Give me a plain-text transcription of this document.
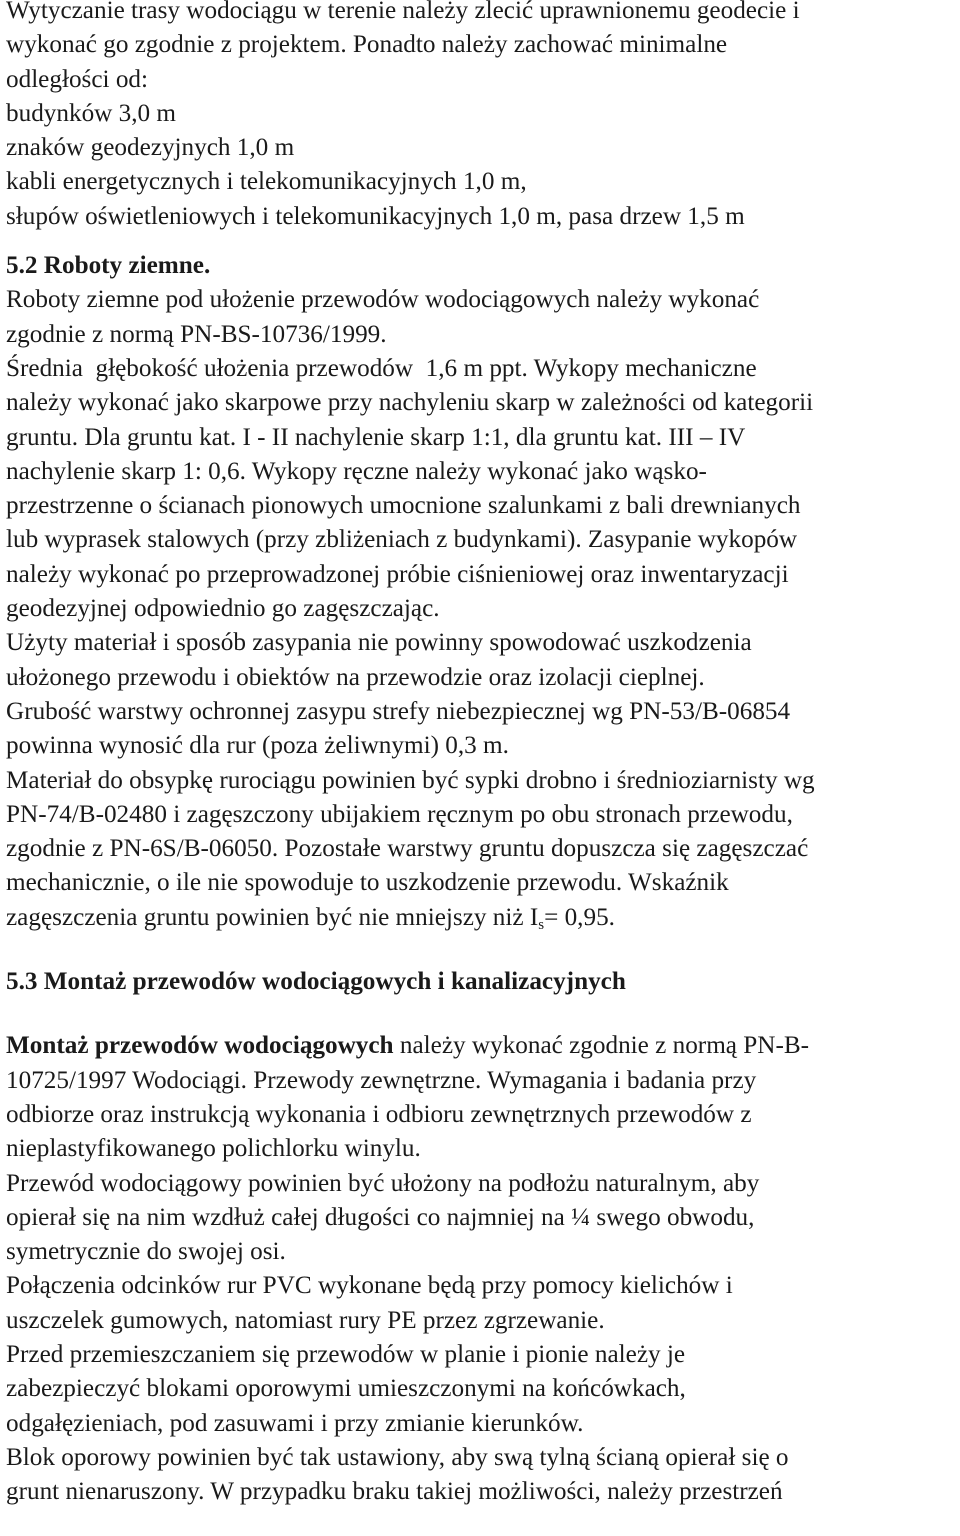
Wytyczanie trasy wodociągu w terenie należy zlecić uprawnionemu geodecie i
wykonać go zgodnie z projektem. Ponadto należy zachować minimalne
odległości od:
budynków 3,0 m
znaków geodezyjnych 1,0 m
kabli energetycznych i telekomunikacyjnych 1,0 m,
słupów oświetleniowych i telekomunikacyjnych 1,0 m, pasa drzew 1,5 m
5.2 Roboty ziemne.
Roboty ziemne pod ułożenie przewodów wodociągowych należy wykonać
zgodnie z normą PN-BS-10736/1999.
Średnia  głębokość ułożenia przewodów  1,6 m ppt. Wykopy mechaniczne
należy wykonać jako skarpowe przy nachyleniu skarp w zależności od kategorii
gruntu. Dla gruntu kat. I - II nachylenie skarp 1:1, dla gruntu kat. III – IV
nachylenie skarp 1: 0,6. Wykopy ręczne należy wykonać jako wąsko-
przestrzenne o ścianach pionowych umocnione szalunkami z bali drewnianych
lub wyprasek stalowych (przy zbliżeniach z budynkami). Zasypanie wykopów
należy wykonać po przeprowadzonej próbie ciśnieniowej oraz inwentaryzacji
geodezyjnej odpowiednio go zagęszczając.
Użyty materiał i sposób zasypania nie powinny spowodować uszkodzenia
ułożonego przewodu i obiektów na przewodzie oraz izolacji cieplnej.
Grubość warstwy ochronnej zasypu strefy niebezpiecznej wg PN-53/B-06854
powinna wynosić dla rur (poza żeliwnymi) 0,3 m.
Materiał do obsypkę rurociągu powinien być sypki drobno i średnioziarnisty wg
PN-74/B-02480 i zagęszczony ubijakiem ręcznym po obu stronach przewodu,
zgodnie z PN-6S/B-06050. Pozostałe warstwy gruntu dopuszcza się zagęszczać
mechanicznie, o ile nie spowoduje to uszkodzenie przewodu. Wskaźnik
zagęszczenia gruntu powinien być nie mniejszy niż $I_s= 0,95$.
5.3 Montaż przewodów wodociągowych i kanalizacyjnych
Montaż przewodów wodociągowych należy wykonać zgodnie z normą PN-B-
10725/1997 Wodociągi. Przewody zewnętrzne. Wymagania i badania przy
odbiorze oraz instrukcją wykonania i odbioru zewnętrznych przewodów z
nieplastyfikowanego polichlorku winylu.
Przewód wodociągowy powinien być ułożony na podłożu naturalnym, aby
opierał się na nim wzdłuż całej długości co najmniej na ¼ swego obwodu,
symetrycznie do swojej osi.
Połączenia odcinków rur PVC wykonane będą przy pomocy kielichów i
uszczelek gumowych, natomiast rury PE przez zgrzewanie.
Przed przemieszczaniem się przewodów w planie i pionie należy je
zabezpieczyć blokami oporowymi umieszczonymi na końcówkach,
odgałęzieniach, pod zasuwami i przy zmianie kierunków.
Blok oporowy powinien być tak ustawiony, aby swą tylną ścianą opierał się o
grunt nienaruszony. W przypadku braku takiej możliwości, należy przestrzeń
